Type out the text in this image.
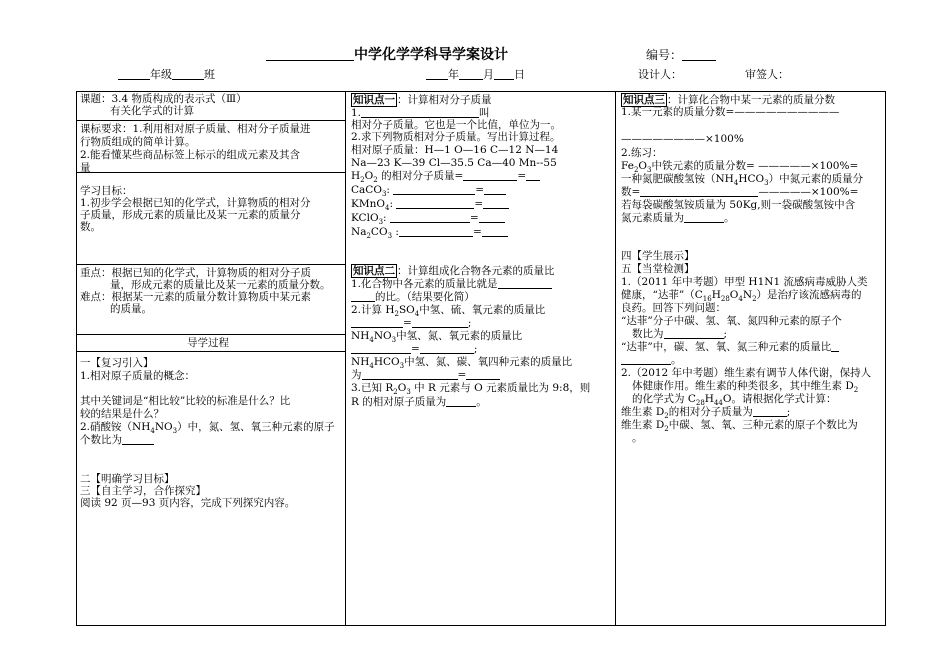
中学化学学科导学案设计	编号：
年级	班	年 月 日	设计人：	审签人：
课题：3.4 物质构成的表示式（Ⅲ）
有关化学式的计算
课标要求：1.利用相对原子质量、相对分子质量进
行物质组成的简单计算。
2.能看懂某些商品标签上标示的组成元素及其含
量
学习目标：
1.初步学会根据已知的化学式，计算物质的相对分
子质量，形成元素的质量比及某一元素的质量分
数。
重点：根据已知的化学式，计算物质的相对分子质
量，形成元素的质量比及某一元素的质量分数。
难点：根据某一元素的质量分数计算物质中某元素
的质量。
导学过程
一【复习引入】
1.相对原子质量的概念：
其中关键词是“相比较”比较的标准是什么？比
较的结果是什么？
2.硝酸铵$(NH_4NO_3)$中，氮、氢、氧三种元素的原子
个数比为
二【明确学习目标】
三【自主学习，合作探究】
阅读 92 页—93 页内容，完成下列探究内容。
知识点一 ：计算相对分子质量
1.	叫
相对分子质量。它也是一个比值，单位为一。
2.求下列物质相对分子质量。写出计算过程。
相对原子质量：H—1 O—16 C—12 N—14
Na—23 K—39 Cl—35.5 Ca—40 Mn--55
$H_2O_2$ 的相对分子质量=	=
CaCO$_3$:	=
KMnO$_4$:	=
KClO$_3$:	=
$Na_2CO_3$ :	=
知识点二 ：计算组成化合物各元素的质量比
1.化合物中各元素的质量比就是
的比。（结果要化简）
2.计算 $H_2SO_4$中氢、硫、氧元素的质量比
=	;
$NH_4NO_3$中氢、氮、氧元素的质量比
=	;
$NH_4HCO_3$中氢、氮、碳、氧四种元素的质量比
为	=
3.已知 $R_2O_3$ 中 R 元素与 O 元素质量比为 9:8，则
R 的相对原子质量为	。
知识点三 ：计算化合物中某一元素的质量分数
1.某一元素的质量分数=——————————
————————×100%
2.练习：
$Fe_2O_3$中铁元素的质量分数= —————×100%=
一种氮肥碳酸氢铵$(NH_4HCO_3)$中氮元素的质量分
数=	—————×100%=
若每袋碳酸氢铵质量为 50Kg,则一袋碳酸氢铵中含
氮元素质量为	。
四【学生展示】
五【当堂检测】
1.（2011 年中考题）甲型 H1N1 流感病毒威胁人类
健康，“达菲$”(C_{16}H_{28}O_4N_2)$是治疗该流感病毒的
良药。回答下列问题：
“达菲”分子中碳、氢、氧、氮四种元素的原子个
数比为	;
“达菲”中，碳、氢、氧、氮三种元素的质量比
。
2.（2012 年中考题）维生素有调节人体代谢，保持人
体健康作用。维生素的种类很多，其中维生素 $D_2$
的化学式为 $C_{28}H_{44}O$。请根据化学式计算：
维生素 $D_2$的相对分子质量为	;
维生素 $D_2$中碳、氢、氧、三种元素的原子个数比为
。
